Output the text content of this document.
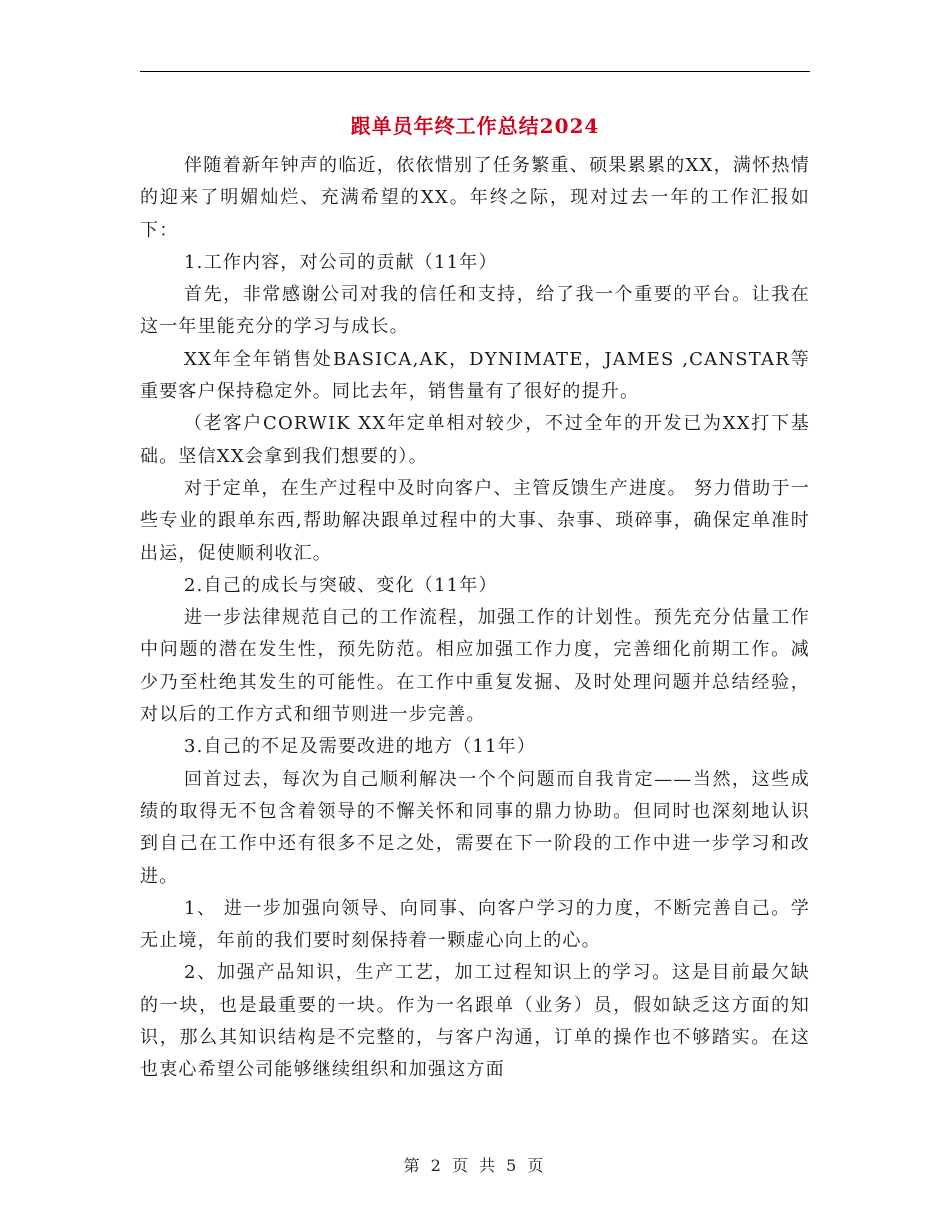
跟单员年终工作总结2024

伴随着新年钟声的临近，依依惜别了任务繁重、硕果累累的XX，满怀热情的迎来了明媚灿烂、充满希望的XX。年终之际，现对过去一年的工作汇报如下：

1.工作内容，对公司的贡献（11年）

首先，非常感谢公司对我的信任和支持，给了我一个重要的平台。让我在这一年里能充分的学习与成长。

XX年全年销售处BASICA,AK，DYNIMATE，JAMES ,CANSTAR等重要客户保持稳定外。同比去年，销售量有了很好的提升。

（老客户CORWIK XX年定单相对较少，不过全年的开发已为XX打下基础。坚信XX会拿到我们想要的）。

对于定单，在生产过程中及时向客户、主管反馈生产进度。 努力借助于一些专业的跟单东西,帮助解决跟单过程中的大事、杂事、琐碎事，确保定单准时出运，促使顺利收汇。

2.自己的成长与突破、变化（11年）

进一步法律规范自己的工作流程，加强工作的计划性。预先充分估量工作中问题的潜在发生性，预先防范。相应加强工作力度，完善细化前期工作。减少乃至杜绝其发生的可能性。在工作中重复发掘、及时处理问题并总结经验，对以后的工作方式和细节则进一步完善。

3.自己的不足及需要改进的地方（11年）

回首过去，每次为自己顺利解决一个个问题而自我肯定——当然，这些成绩的取得无不包含着领导的不懈关怀和同事的鼎力协助。但同时也深刻地认识到自己在工作中还有很多不足之处，需要在下一阶段的工作中进一步学习和改进。

1、 进一步加强向领导、向同事、向客户学习的力度，不断完善自己。学无止境，年前的我们要时刻保持着一颗虚心向上的心。

2、加强产品知识，生产工艺，加工过程知识上的学习。这是目前最欠缺的一块，也是最重要的一块。作为一名跟单（业务）员，假如缺乏这方面的知识，那么其知识结构是不完整的，与客户沟通，订单的操作也不够踏实。在这也衷心希望公司能够继续组织和加强这方面

第 2 页 共 5 页
